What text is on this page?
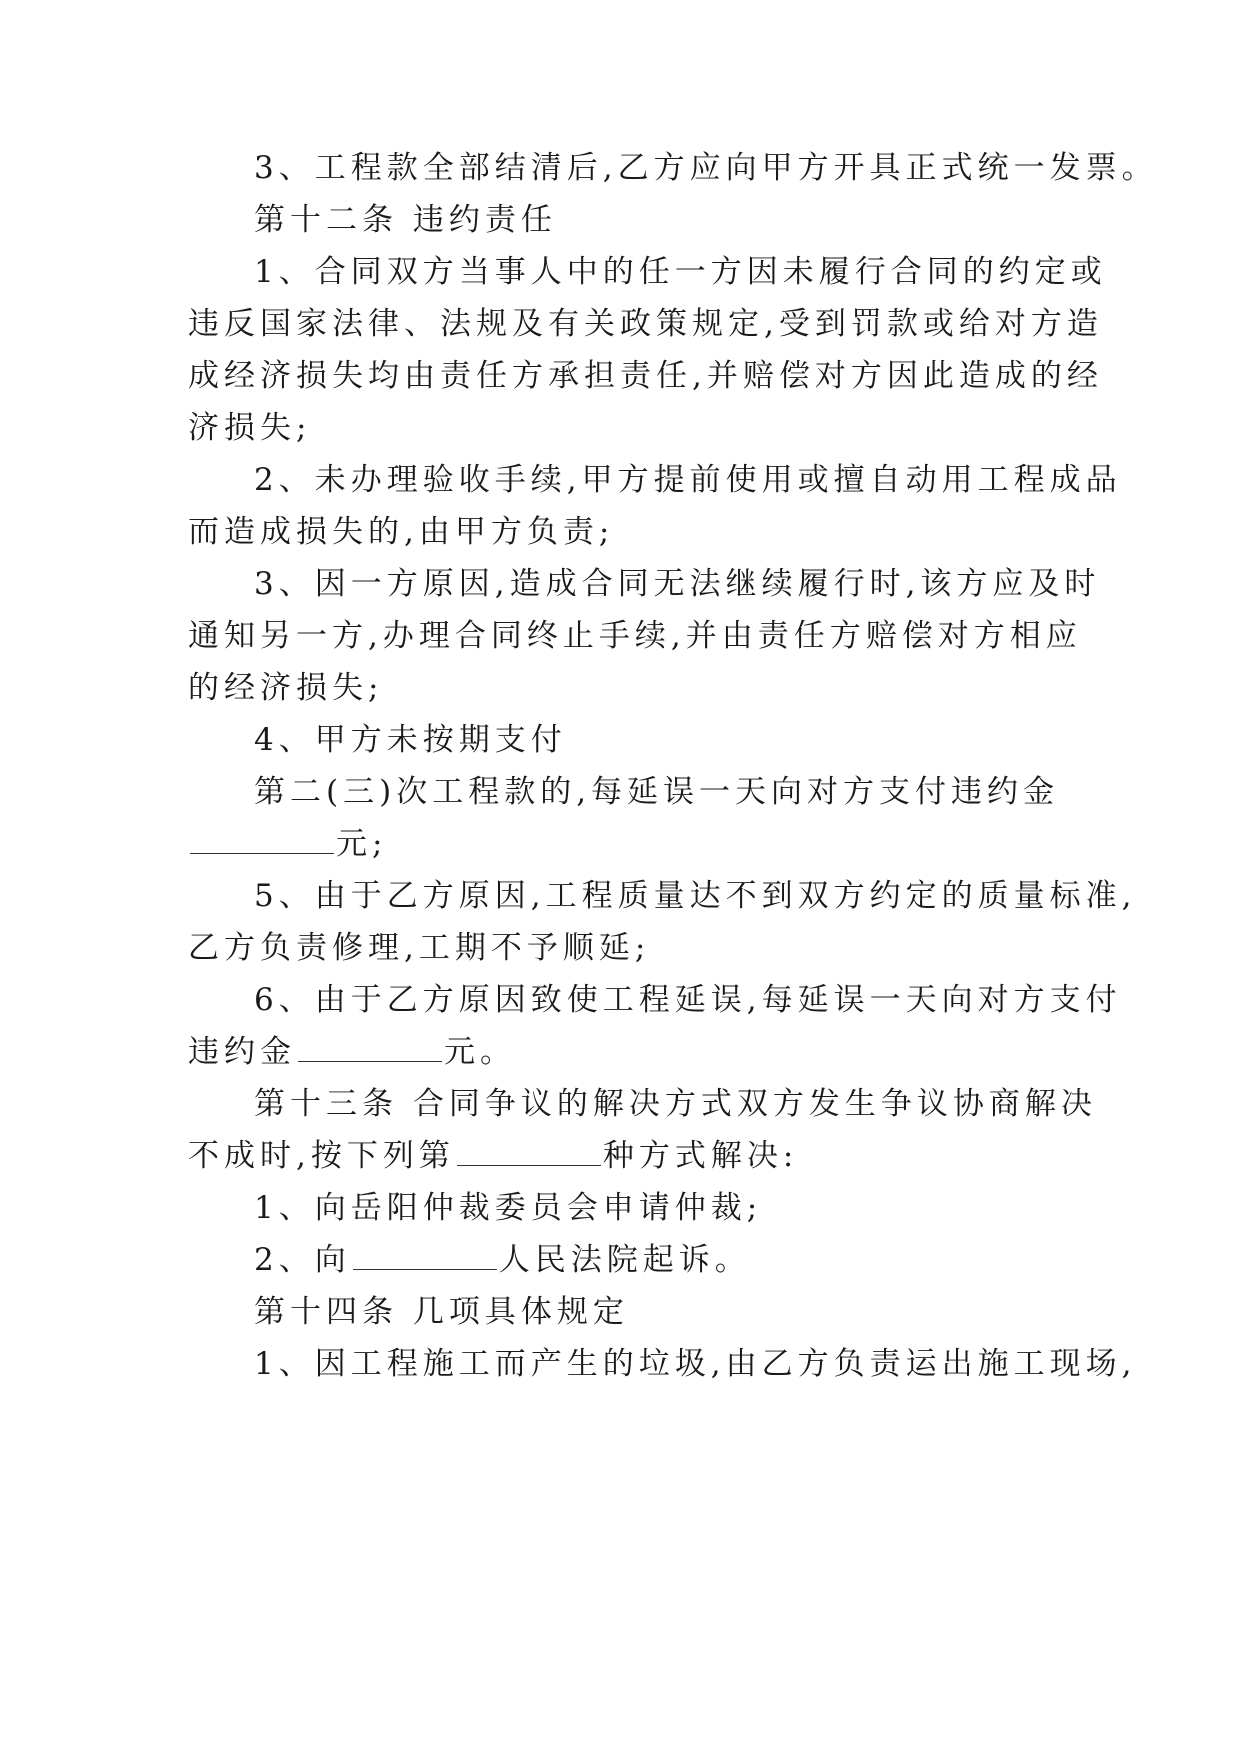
3、工程款全部结清后,乙方应向甲方开具正式统一发票。
第十二条 违约责任
1、合同双方当事人中的任一方因未履行合同的约定或
违反国家法律、法规及有关政策规定,受到罚款或给对方造
成经济损失均由责任方承担责任,并赔偿对方因此造成的经
济损失;
2、未办理验收手续,甲方提前使用或擅自动用工程成品
而造成损失的,由甲方负责;
3、因一方原因,造成合同无法继续履行时,该方应及时
通知另一方,办理合同终止手续,并由责任方赔偿对方相应
的经济损失;
4、甲方未按期支付
第二(三)次工程款的,每延误一天向对方支付违约金
元;
5、由于乙方原因,工程质量达不到双方约定的质量标准,
乙方负责修理,工期不予顺延;
6、由于乙方原因致使工程延误,每延误一天向对方支付
违约金	元。
第十三条 合同争议的解决方式双方发生争议协商解决
不成时,按下列第	种方式解决:
1、向岳阳仲裁委员会申请仲裁;
2、向	人民法院起诉。
第十四条 几项具体规定
1、因工程施工而产生的垃圾,由乙方负责运出施工现场,
